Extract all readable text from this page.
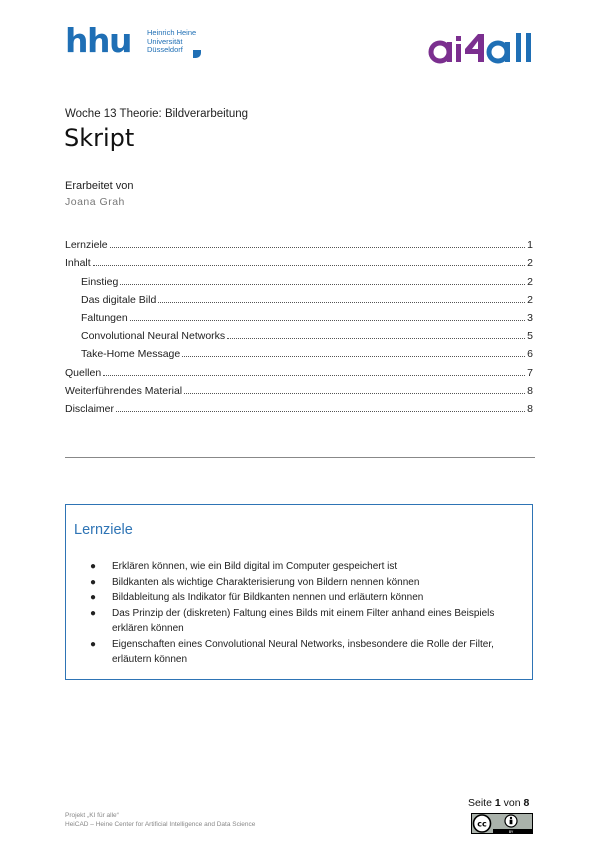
hhu Heinrich Heine
Universität
Düsseldorf
Woche 13 Theorie: Bildverarbeitung
Skript
Erarbeitet von
Joana Grah
Lernziele	1
Inhalt	2
Einstieg	2
Das digitale Bild	2
Faltungen	3
Convolutional Neural Networks	5
Take-Home Message	6
Quellen	7
Weiterführendes Material	8
Disclaimer	8
Lernziele
● Erklären können, wie ein Bild digital im Computer gespeichert ist
● Bildkanten als wichtige Charakterisierung von Bildern nennen können
● Bildableitung als Indikator für Bildkanten nennen und erläutern können
● Das Prinzip der (diskreten) Faltung eines Bilds mit einem Filter anhand eines Beispiels erklären können
● Eigenschaften eines Convolutional Neural Networks, insbesondere die Rolle der Filter, erläutern können
Projekt „KI für alle“
HeiCAD – Heine Center for Artificial Intelligence and Data Science
Seite 1 von 8
cc
BY
